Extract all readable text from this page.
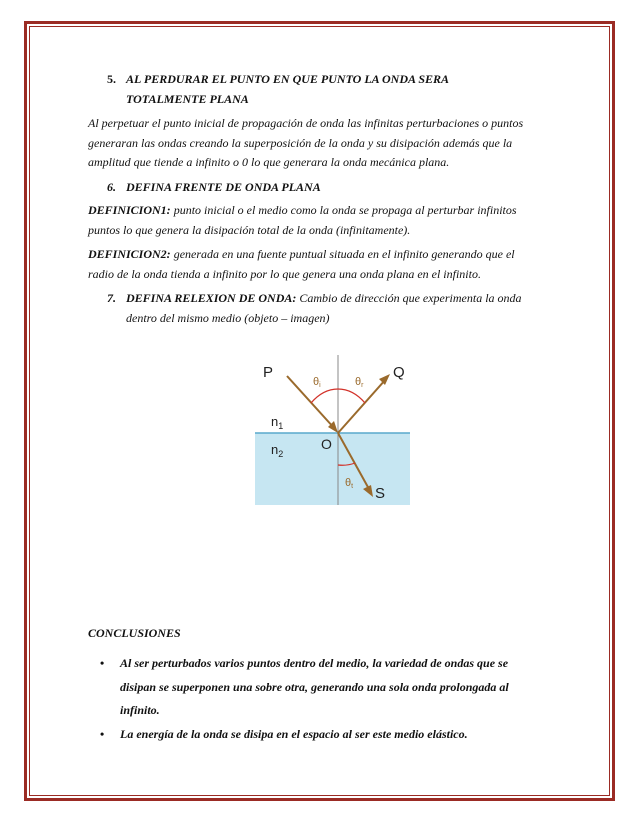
5. AL PERDURAR EL PUNTO EN QUE PUNTO LA ONDA SERA
TOTALMENTE PLANA
Al perpetuar el punto inicial de propagación de onda las infinitas perturbaciones o puntos
generaran las ondas creando la superposición de la onda y su disipación además que la
amplitud que tiende a infinito o 0 lo que generara la onda mecánica plana.
6. DEFINA FRENTE DE ONDA PLANA
DEFINICION1: punto inicial o el medio como la onda se propaga al perturbar infinitos
puntos lo que genera la disipación total de la onda (infinitamente).
DEFINICION2: generada en una fuente puntual situada en el infinito generando que el
radio de la onda tienda a infinito por lo que genera una onda plana en el infinito.
7. DEFINA RELEXION DE ONDA: Cambio de dirección que experimenta la onda
dentro del mismo medio (objeto – imagen)
P	Q
$n_1$
$n_2$
O
S
θi	θr
θt
CONCLUSIONES
• Al ser perturbados varios puntos dentro del medio, la variedad de ondas que se
disipan se superponen una sobre otra, generando una sola onda prolongada al
infinito.
• La energía de la onda se disipa en el espacio al ser este medio elástico.
